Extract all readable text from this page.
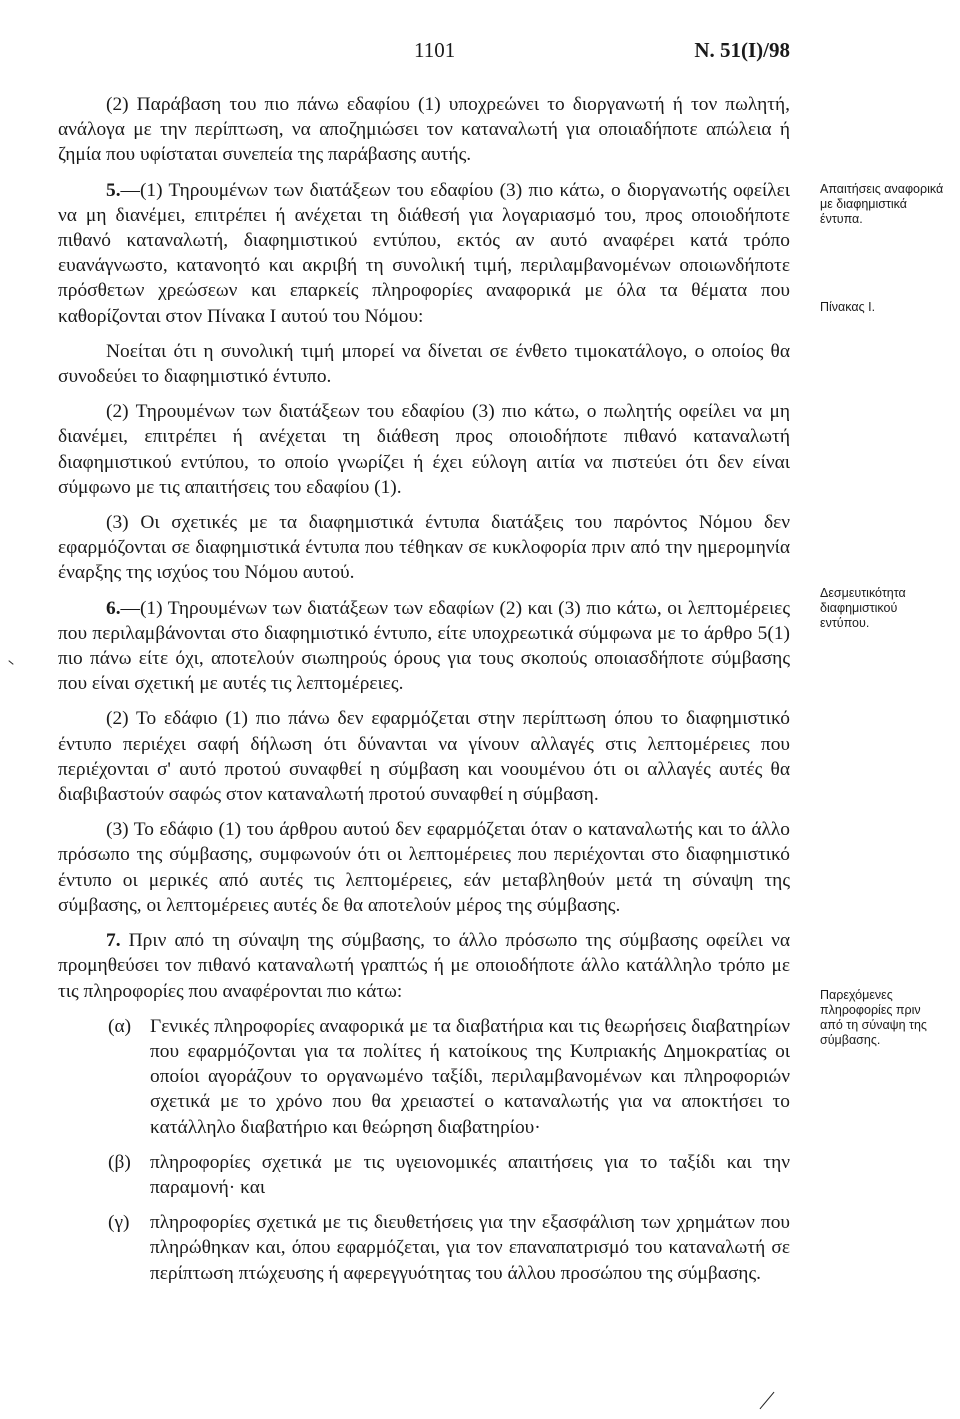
1101	Ν. 51(Ι)/98

(2) Παράβαση του πιο πάνω εδαφίου (1) υποχρεώνει το διοργανωτή ή τον πωλητή, ανάλογα με την περίπτωση, να αποζημιώσει τον καταναλωτή για οποιαδήποτε απώλεια ή ζημία που υφίσταται συνεπεία της παράβασης αυτής.

5.—(1) Τηρουμένων των διατάξεων του εδαφίου (3) πιο κάτω, ο διοργανωτής οφείλει να μη διανέμει, επιτρέπει ή ανέχεται τη διάθεσή για λογαριασμό του, προς οποιοδήποτε πιθανό καταναλωτή, διαφημιστικού εντύπου, εκτός αν αυτό αναφέρει κατά τρόπο ευανάγνωστο, κατανοητό και ακριβή τη συνολική τιμή, περιλαμβανομένων οποιωνδήποτε πρόσθετων χρεώσεων και επαρκείς πληροφορίες αναφορικά με όλα τα θέματα που καθορίζονται στον Πίνακα Ι αυτού του Νόμου:

Νοείται ότι η συνολική τιμή μπορεί να δίνεται σε ένθετο τιμοκατάλογο, ο οποίος θα συνοδεύει το διαφημιστικό έντυπο.

(2) Τηρουμένων των διατάξεων του εδαφίου (3) πιο κάτω, ο πωλητής οφείλει να μη διανέμει, επιτρέπει ή ανέχεται τη διάθεση προς οποιοδήποτε πιθανό καταναλωτή διαφημιστικού εντύπου, το οποίο γνωρίζει ή έχει εύλογη αιτία να πιστεύει ότι δεν είναι σύμφωνο με τις απαιτήσεις του εδαφίου (1).

(3) Οι σχετικές με τα διαφημιστικά έντυπα διατάξεις του παρόντος Νόμου δεν εφαρμόζονται σε διαφημιστικά έντυπα που τέθηκαν σε κυκλοφορία πριν από την ημερομηνία έναρξης της ισχύος του Νόμου αυτού.

6.—(1) Τηρουμένων των διατάξεων των εδαφίων (2) και (3) πιο κάτω, οι λεπτομέρειες που περιλαμβάνονται στο διαφημιστικό έντυπο, είτε υποχρεωτικά σύμφωνα με το άρθρο 5(1) πιο πάνω είτε όχι, αποτελούν σιωπηρούς όρους για τους σκοπούς οποιασδήποτε σύμβασης που είναι σχετική με αυτές τις λεπτομέρειες.

(2) Το εδάφιο (1) πιο πάνω δεν εφαρμόζεται στην περίπτωση όπου το διαφημιστικό έντυπο περιέχει σαφή δήλωση ότι δύνανται να γίνουν αλλαγές στις λεπτομέρειες που περιέχονται σ' αυτό προτού συναφθεί η σύμβαση και νοουμένου ότι οι αλλαγές αυτές θα διαβιβαστούν σαφώς στον καταναλωτή προτού συναφθεί η σύμβαση.

(3) Το εδάφιο (1) του άρθρου αυτού δεν εφαρμόζεται όταν ο καταναλωτής και το άλλο πρόσωπο της σύμβασης, συμφωνούν ότι οι λεπτομέρειες που περιέχονται στο διαφημιστικό έντυπο οι μερικές από αυτές τις λεπτομέρειες, εάν μεταβληθούν μετά τη σύναψη της σύμβασης, οι λεπτομέρειες αυτές δε θα αποτελούν μέρος της σύμβασης.

7. Πριν από τη σύναψη της σύμβασης, το άλλο πρόσωπο της σύμβασης οφείλει να προμηθεύσει τον πιθανό καταναλωτή γραπτώς ή με οποιοδήποτε άλλο κατάλληλο τρόπο με τις πληροφορίες που αναφέρονται πιο κάτω:

(α) Γενικές πληροφορίες αναφορικά με τα διαβατήρια και τις θεωρήσεις διαβατηρίων που εφαρμόζονται για τα πολίτες ή κατοίκους της Κυπριακής Δημοκρατίας οι οποίοι αγοράζουν το οργανωμένο ταξίδι, περιλαμβανομένων και πληροφοριών σχετικά με το χρόνο που θα χρειαστεί ο καταναλωτής για να αποκτήσει το κατάλληλο διαβατήριο και θεώρηση διαβατηρίου·
(β) πληροφορίες σχετικά με τις υγειονομικές απαιτήσεις για το ταξίδι και την παραμονή· και
(γ) πληροφορίες σχετικά με τις διευθετήσεις για την εξασφάλιση των χρημάτων που πληρώθηκαν και, όπου εφαρμόζεται, για τον επαναπατρισμό του καταναλωτή σε περίπτωση πτώχευσης ή αφερεγγυότητας του άλλου προσώπου της σύμβασης.
Απαιτήσεις αναφορικά με διαφημιστικά έντυπα.
Πίνακας Ι.
Δεσμευτικότητα διαφημιστικού εντύπου.
Παρεχόμενες πληροφορίες πριν από τη σύναψη της σύμβασης.
